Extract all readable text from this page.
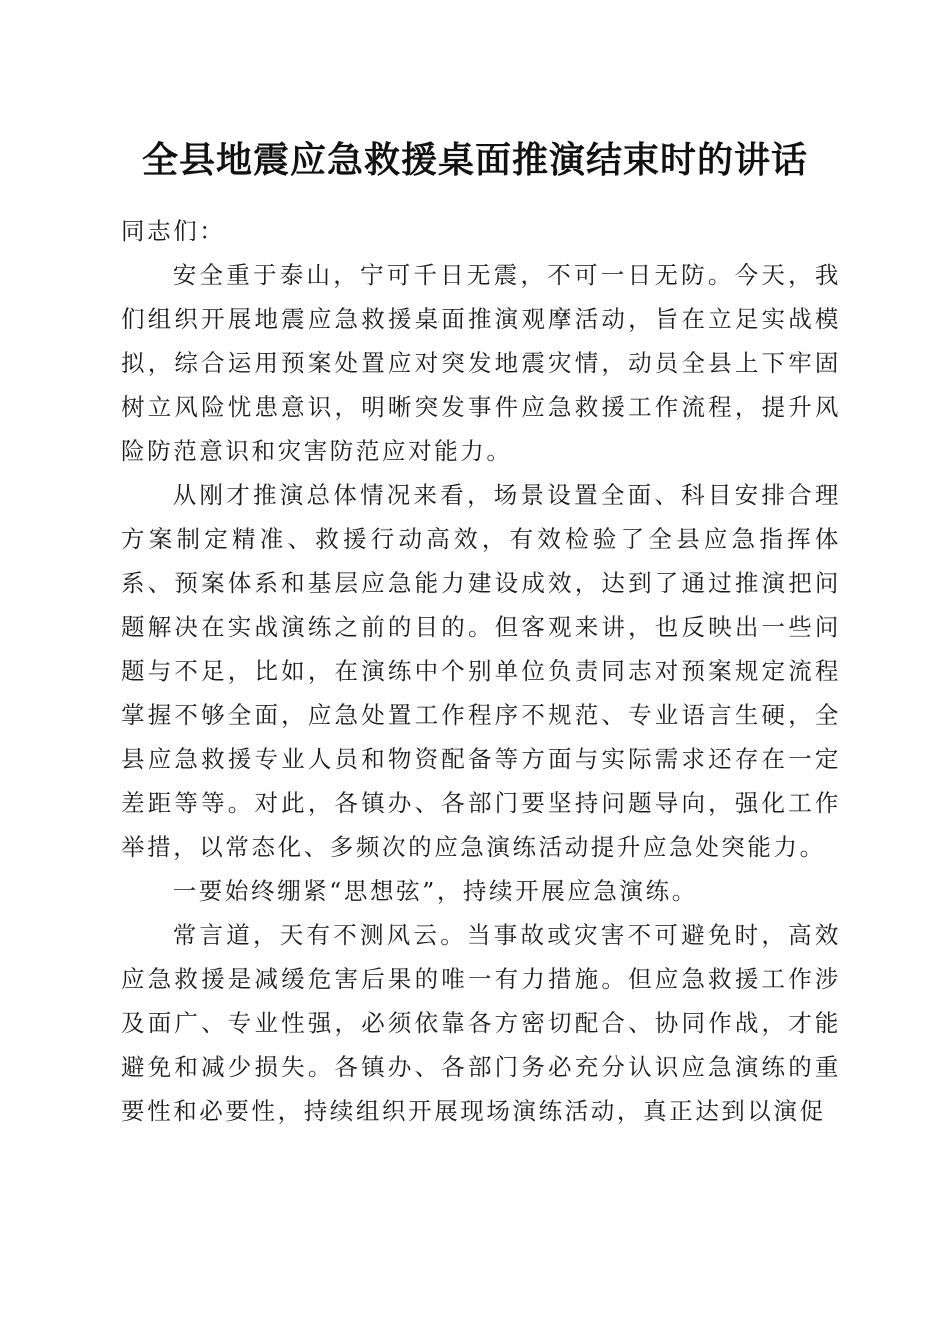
全县地震应急救援桌面推演结束时的讲话

同志们：

安全重于泰山，宁可千日无震，不可一日无防。今天，我们组织开展地震应急救援桌面推演观摩活动，旨在立足实战模拟，综合运用预案处置应对突发地震灾情，动员全县上下牢固树立风险忧患意识，明晰突发事件应急救援工作流程，提升风险防范意识和灾害防范应对能力。

从刚才推演总体情况来看，场景设置全面、科目安排合理方案制定精准、救援行动高效，有效检验了全县应急指挥体系、预案体系和基层应急能力建设成效，达到了通过推演把问题解决在实战演练之前的目的。但客观来讲，也反映出一些问题与不足，比如，在演练中个别单位负责同志对预案规定流程掌握不够全面，应急处置工作程序不规范、专业语言生硬，全县应急救援专业人员和物资配备等方面与实际需求还存在一定差距等等。对此，各镇办、各部门要坚持问题导向，强化工作举措，以常态化、多频次的应急演练活动提升应急处突能力。

一要始终绷紧“思想弦”，持续开展应急演练。

常言道，天有不测风云。当事故或灾害不可避免时，高效应急救援是减缓危害后果的唯一有力措施。但应急救援工作涉及面广、专业性强，必须依靠各方密切配合、协同作战，才能避免和减少损失。各镇办、各部门务必充分认识应急演练的重要性和必要性，持续组织开展现场演练活动，真正达到以演促
